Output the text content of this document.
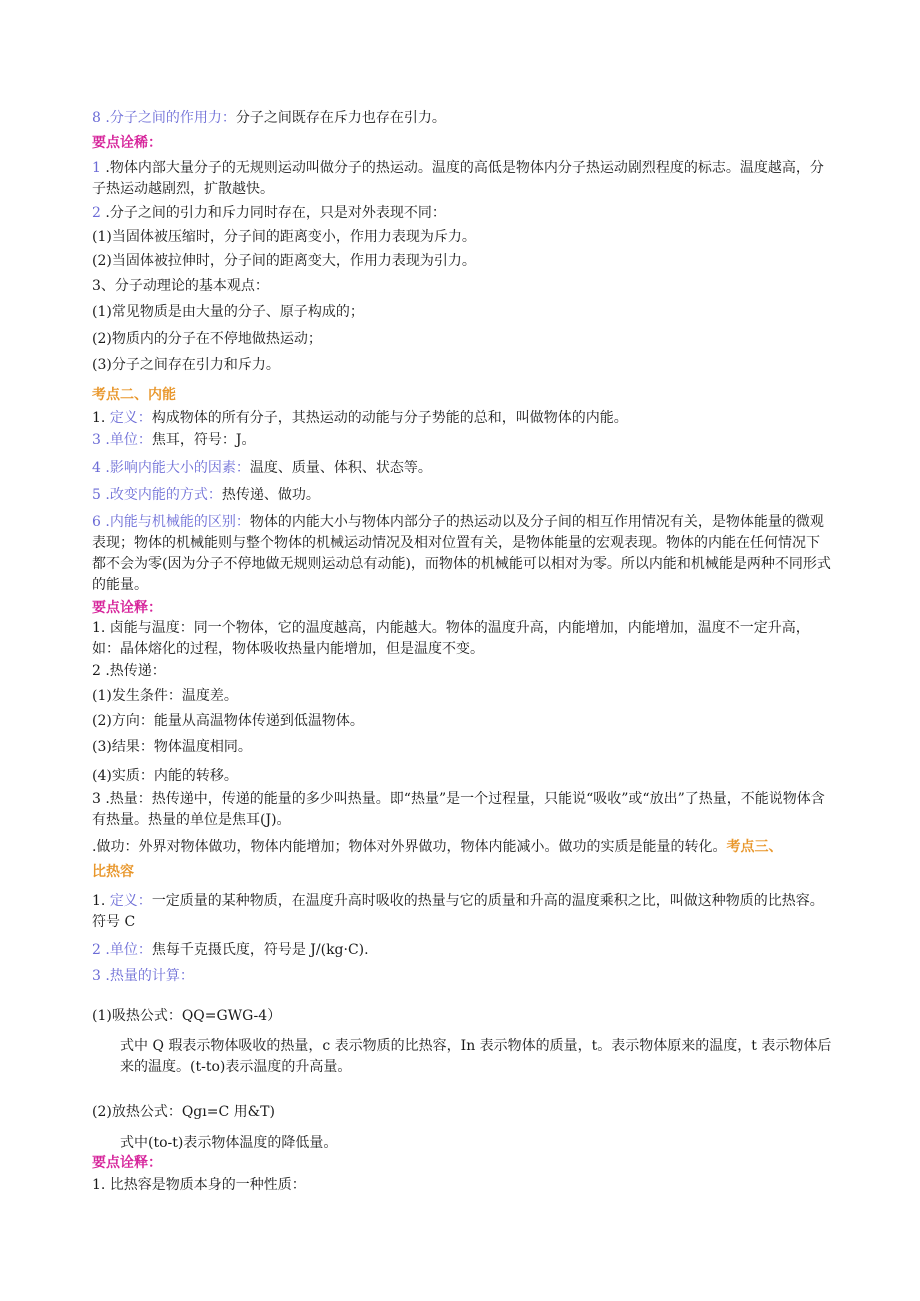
8 .分子之间的作用力：分子之间既存在斥力也存在引力。
要点诠稀：
1 .物体内部大量分子的无规则运动叫做分子的热运动。温度的高低是物体内分子热运动剧烈程度的标志。温度越高，分子热运动越剧烈，扩散越快。
2 .分子之间的引力和斥力同时存在，只是对外表现不同：
(1)当固体被压缩时，分子间的距离变小，作用力表现为斥力。
(2)当固体被拉伸时，分子间的距离变大，作用力表现为引力。
3、分子动理论的基本观点：
(1)常见物质是由大量的分子、原子构成的；
(2)物质内的分子在不停地做热运动；
(3)分子之间存在引力和斥力。
考点二、内能
1. 定义：构成物体的所有分子，其热运动的动能与分子势能的总和，叫做物体的内能。
3 .单位：焦耳，符号：J。
4 .影响内能大小的因素：温度、质量、体积、状态等。
5 .改变内能的方式：热传递、做功。
6 .内能与机械能的区别：物体的内能大小与物体内部分子的热运动以及分子间的相互作用情况有关，是物体能量的微观表现；物体的机械能则与整个物体的机械运动情况及相对位置有关，是物体能量的宏观表现。物体的内能在任何情况下都不会为零(因为分子不停地做无规则运动总有动能)，而物体的机械能可以相对为零。所以内能和机械能是两种不同形式的能量。
要点诠释：
1. 卤能与温度：同一个物体，它的温度越高，内能越大。物体的温度升高，内能增加，内能增加，温度不一定升高，如：晶体熔化的过程，物体吸收热量内能增加，但是温度不变。
2 .热传递：
(1)发生条件：温度差。
(2)方向：能量从高温物体传递到低温物体。
(3)结果：物体温度相同。
(4)实质：内能的转移。
3 .热量：热传递中，传递的能量的多少叫热量。即“热量”是一个过程量，只能说“吸收”或“放出”了热量，不能说物体含有热量。热量的单位是焦耳(J)。
.做功：外界对物体做功，物体内能增加；物体对外界做功，物体内能减小。做功的实质是能量的转化。考点三、
比热容
1. 定义：一定质量的某种物质，在温度升高时吸收的热量与它的质量和升高的温度乘积之比，叫做这种物质的比热容。符号 C
2 .单位：焦每千克摄氏度，符号是 J/(kg·C).
3 .热量的计算：
(1)吸热公式：QQ=GWG-4）
式中 Q 瑕表示物体吸收的热量，c 表示物质的比热容，In 表示物体的质量，t。表示物体原来的温度，t 表示物体后来的温度。(t-to)表示温度的升高量。
(2)放热公式：Qgı=C 用&T)
式中(to-t)表示物体温度的降低量。
要点诠释：
1. 比热容是物质本身的一种性质：
